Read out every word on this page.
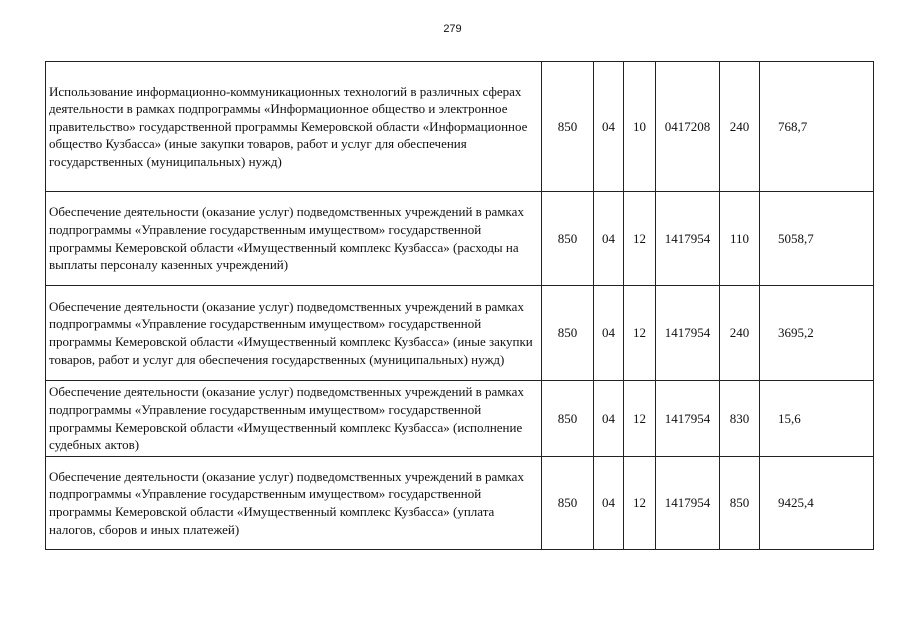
279
Использование информационно-коммуникационных технологий в различных сферах деятельности в рамках подпрограммы «Информационное общество и электронное правительство» государственной программы Кемеровской области «Информационное общество Кузбасса» (иные закупки товаров, работ и услуг для обеспечения государственных (муниципальных) нужд)	850	04	10	0417208	240	768,7
Обеспечение деятельности (оказание услуг) подведомственных учреждений в рамках подпрограммы «Управление государственным имуществом» государственной программы Кемеровской области «Имущественный комплекс Кузбасса» (расходы на выплаты персоналу казенных учреждений)	850	04	12	1417954	110	5058,7
Обеспечение деятельности (оказание услуг) подведомственных учреждений в рамках подпрограммы «Управление государственным имуществом» государственной программы Кемеровской области «Имущественный комплекс Кузбасса» (иные закупки товаров, работ и услуг для обеспечения государственных (муниципальных) нужд)	850	04	12	1417954	240	3695,2
Обеспечение деятельности (оказание услуг) подведомственных учреждений в рамках подпрограммы «Управление государственным имуществом» государственной программы Кемеровской области «Имущественный комплекс Кузбасса» (исполнение судебных актов)	850	04	12	1417954	830	15,6
Обеспечение деятельности (оказание услуг) подведомственных учреждений в рамках подпрограммы «Управление государственным имуществом» государственной программы Кемеровской области «Имущественный комплекс Кузбасса» (уплата налогов, сборов и иных платежей)	850	04	12	1417954	850	9425,4
